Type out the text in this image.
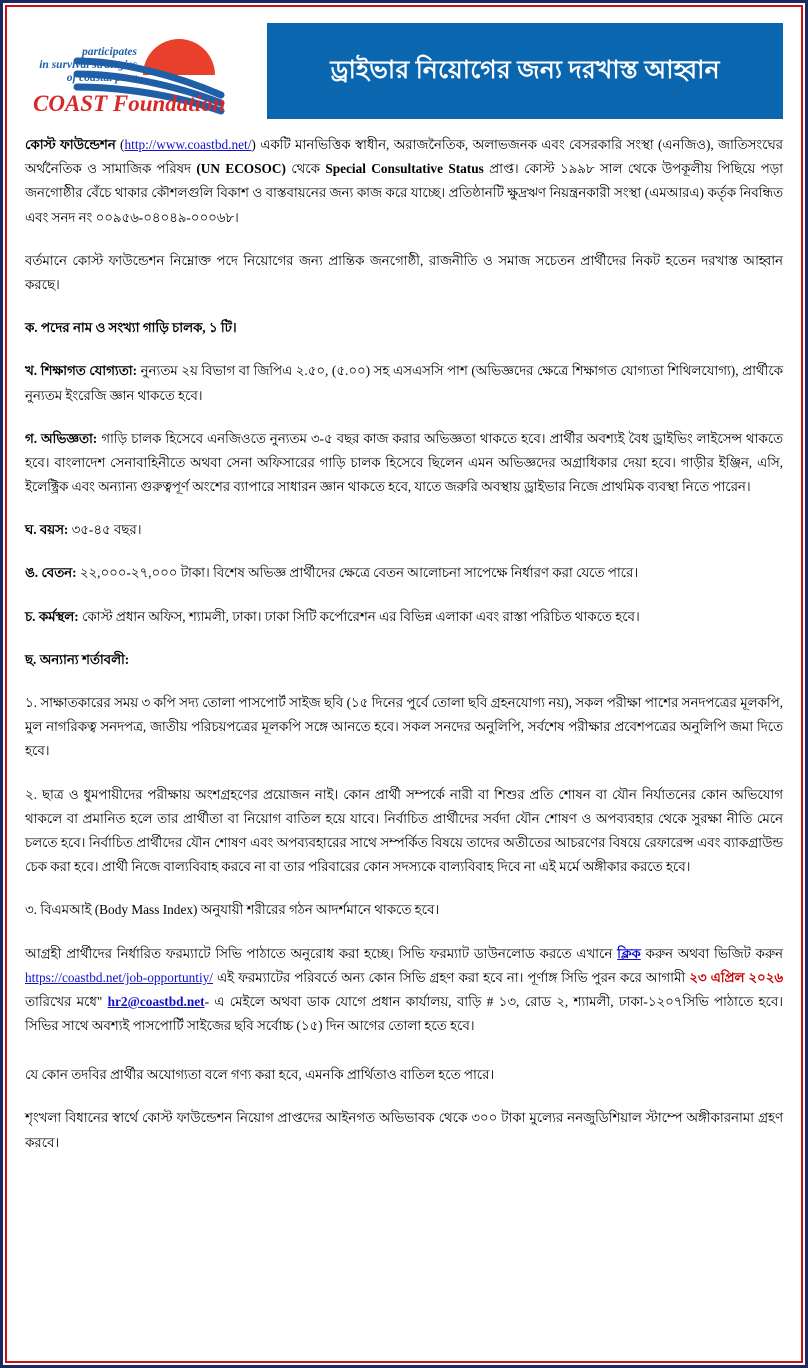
participates
in survival strategies
of coastal poor
COAST Foundation
ড্রাইভার নিয়োগের জন্য দরখাস্ত আহ্বান

কোস্ট ফাউন্ডেশন (http://www.coastbd.net/) একটি মানভিত্তিক স্বাধীন, অরাজনৈতিক, অলাভজনক এবং বেসরকারি সংস্থা (এনজিও), জাতিসংঘের অর্থনৈতিক ও সামাজিক পরিষদ (UN ECOSOC) থেকে Special Consultative Status প্রাপ্ত। কোস্ট ১৯৯৮ সাল থেকে উপকূলীয় পিছিয়ে পড়া জনগোষ্ঠীর বেঁচে থাকার কৌশলগুলি বিকাশ ও বাস্তবায়নের জন্য কাজ করে যাচ্ছে। প্রতিষ্ঠানটি ক্ষুদ্রঋণ নিয়ন্ত্রনকারী সংস্থা (এমআরএ) কর্তৃক নিবন্ধিত এবং সনদ নং ০০৯৫৬-০৪০৪৯-০০০৬৮।

বর্তমানে কোস্ট ফাউন্ডেশন নিম্নোক্ত পদে নিয়োগের জন্য প্রান্তিক জনগোষ্ঠী, রাজনীতি ও সমাজ সচেতন প্রার্থীদের নিকট হতেন দরখাস্ত আহ্বান করছে।

ক. পদের নাম ও সংখ্যা গাড়ি চালক, ১ টি।

খ. শিক্ষাগত যোগ্যতা: নুন্যতম ২য় বিভাগ বা জিপিএ ২.৫০, (৫.০০) সহ এসএসসি পাশ (অভিজ্ঞদের ক্ষেত্রে শিক্ষাগত যোগ্যতা শিথিলযোগ্য), প্রার্থীকে নুন্যতম ইংরেজি জ্ঞান থাকতে হবে।

গ. অভিজ্ঞতা: গাড়ি চালক হিসেবে এনজিওতে নুন্যতম ৩-৫ বছর কাজ করার অভিজ্ঞতা থাকতে হবে। প্রার্থীর অবশ্যই বৈধ ড্রাইভিং লাইসেন্স থাকতে হবে। বাংলাদেশ সেনাবাহিনীতে অথবা সেনা অফিসারের গাড়ি চালক হিসেবে ছিলেন এমন অভিজ্ঞদের অগ্রাধিকার দেয়া হবে। গাড়ীর ইঞ্জিন, এসি, ইলেক্ট্রিক এবং অন্যান্য গুরুত্বপূর্ণ অংশের ব্যাপারে সাধারন জ্ঞান থাকতে হবে, যাতে জরুরি অবস্থায় ড্রাইভার নিজে প্রাথমিক ব্যবস্থা নিতে পারেন।

ঘ. বয়স: ৩৫-৪৫ বছর।

ঙ. বেতন: ২২,০০০-২৭,০০০ টাকা। বিশেষ অভিজ্ঞ প্রার্থীদের ক্ষেত্রে বেতন আলোচনা সাপেক্ষে নির্ধারণ করা যেতে পারে।

চ. কর্মস্থল: কোস্ট প্রধান অফিস, শ্যামলী, ঢাকা। ঢাকা সিটি কর্পোরেশন এর বিভিন্ন এলাকা এবং রাস্তা পরিচিত থাকতে হবে।

ছ. অন্যান্য শর্তাবলী:

১. সাক্ষাতকারের সময় ৩ কপি সদ্য তোলা পাসপোর্ট সাইজ ছবি (১৫ দিনের পুর্বে তোলা ছবি গ্রহনযোগ্য নয়), সকল পরীক্ষা পাশের সনদপত্রের মূলকপি, মুল নাগরিকত্ব সনদপত্র, জাতীয় পরিচয়পত্রের মূলকপি সঙ্গে আনতে হবে। সকল সনদের অনুলিপি, সর্বশেষ পরীক্ষার প্রবেশপত্রের অনুলিপি জমা দিতে হবে।

২. ছাত্র ও ধুমপায়ীদের পরীক্ষায় অংশগ্রহণের প্রয়োজন নাই। কোন প্রার্থী সম্পর্কে নারী বা শিশুর প্রতি শোষন বা যৌন নির্যাতনের কোন অভিযোগ থাকলে বা প্রমানিত হলে তার প্রার্থীতা বা নিয়োগ বাতিল হয়ে যাবে। নির্বাচিত প্রার্থীদের সর্বদা যৌন শোষণ ও অপব্যবহার থেকে সুরক্ষা নীতি মেনে চলতে হবে। নির্বাচিত প্রার্থীদের যৌন শোষণ এবং অপব্যবহারের সাথে সম্পর্কিত বিষয়ে তাদের অতীতের আচরণের বিষয়ে রেফারেন্স এবং ব্যাকগ্রাউন্ড চেক করা হবে। প্রার্থী নিজে বাল্যবিবাহ করবে না বা তার পরিবারের কোন সদস্যকে বাল্যবিবাহ দিবে না এই মর্মে অঙ্গীকার করতে হবে।

৩. বিএমআই (Body Mass Index) অনুযায়ী শরীরের গঠন আদর্শমানে থাকতে হবে।

আগ্রহী প্রার্থীদের নির্ধারিত ফরম্যাটে সিভি পাঠাতে অনুরোধ করা হচ্ছে। সিভি ফরম্যাট ডাউনলোড করতে এখানে ক্লিক করুন অথবা ভিজিট করুন https://coastbd.net/job-opportuntiy/ এই ফরম্যাটের পরিবর্তে অন্য কোন সিভি গ্রহণ করা হবে না। পূর্ণাঙ্গ সিভি পুরন করে আগামী ২৩ এপ্রিল ২০২৬ তারিখের মধে" hr2@coastbd.net- এ মেইলে অথবা ডাক যোগে প্রধান কার্যালয়, বাড়ি # ১৩, রোড ২, শ্যামলী, ঢাকা-১২০৭সিভি পাঠাতে হবে। সিভির সাথে অবশ্যই পাসপোর্টি সাইজের ছবি সর্বোচ্চ (১৫) দিন আগের তোলা হতে হবে।

যে কোন তদবির প্রার্থীর অযোগ্যতা বলে গণ্য করা হবে, এমনকি প্রার্থিতাও বাতিল হতে পারে।

শৃংখলা বিধানের স্বার্থে কোস্ট ফাউন্ডেশন নিয়োগ প্রাপ্তদের আইনগত অভিভাবক থেকে ৩০০ টাকা মুল্যের ননজুডিশিয়াল স্টাম্পে অঙ্গীকারনামা গ্রহণ করবে।
